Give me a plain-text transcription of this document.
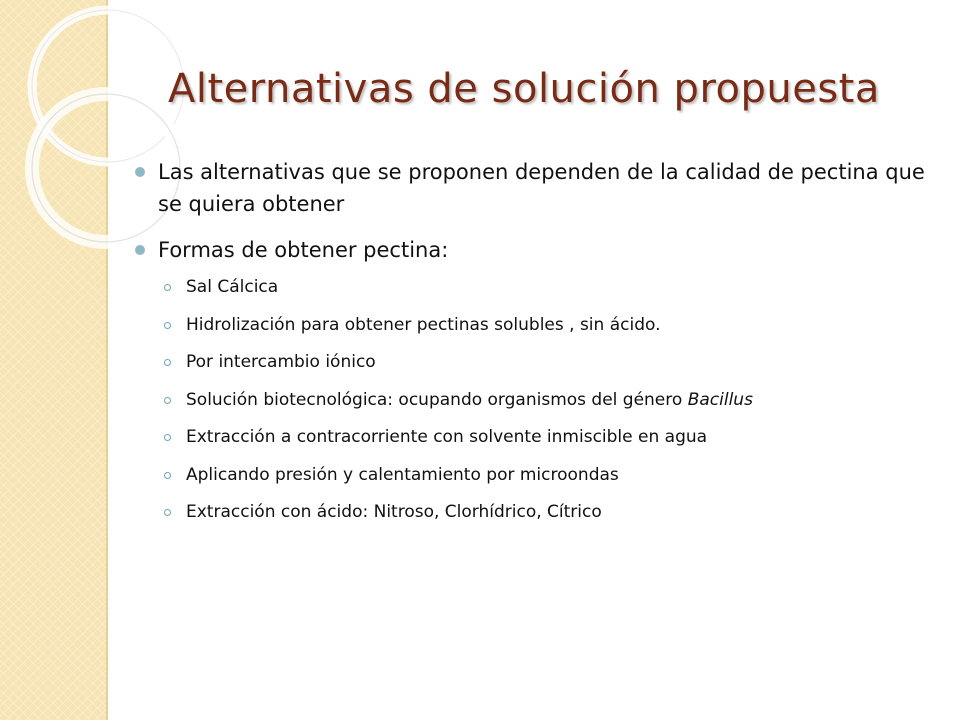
Alternativas de solución propuesta
Las alternativas que se proponen dependen de la calidad de pectina que se quiera obtener
Formas de obtener pectina:
Sal Cálcica
Hidrolización para obtener pectinas solubles , sin ácido.
Por intercambio iónico
Solución biotecnológica: ocupando organismos del género Bacillus
Extracción a contracorriente con solvente inmiscible en agua
Aplicando presión y calentamiento por microondas
Extracción con ácido: Nitroso, Clorhídrico, Cítrico
